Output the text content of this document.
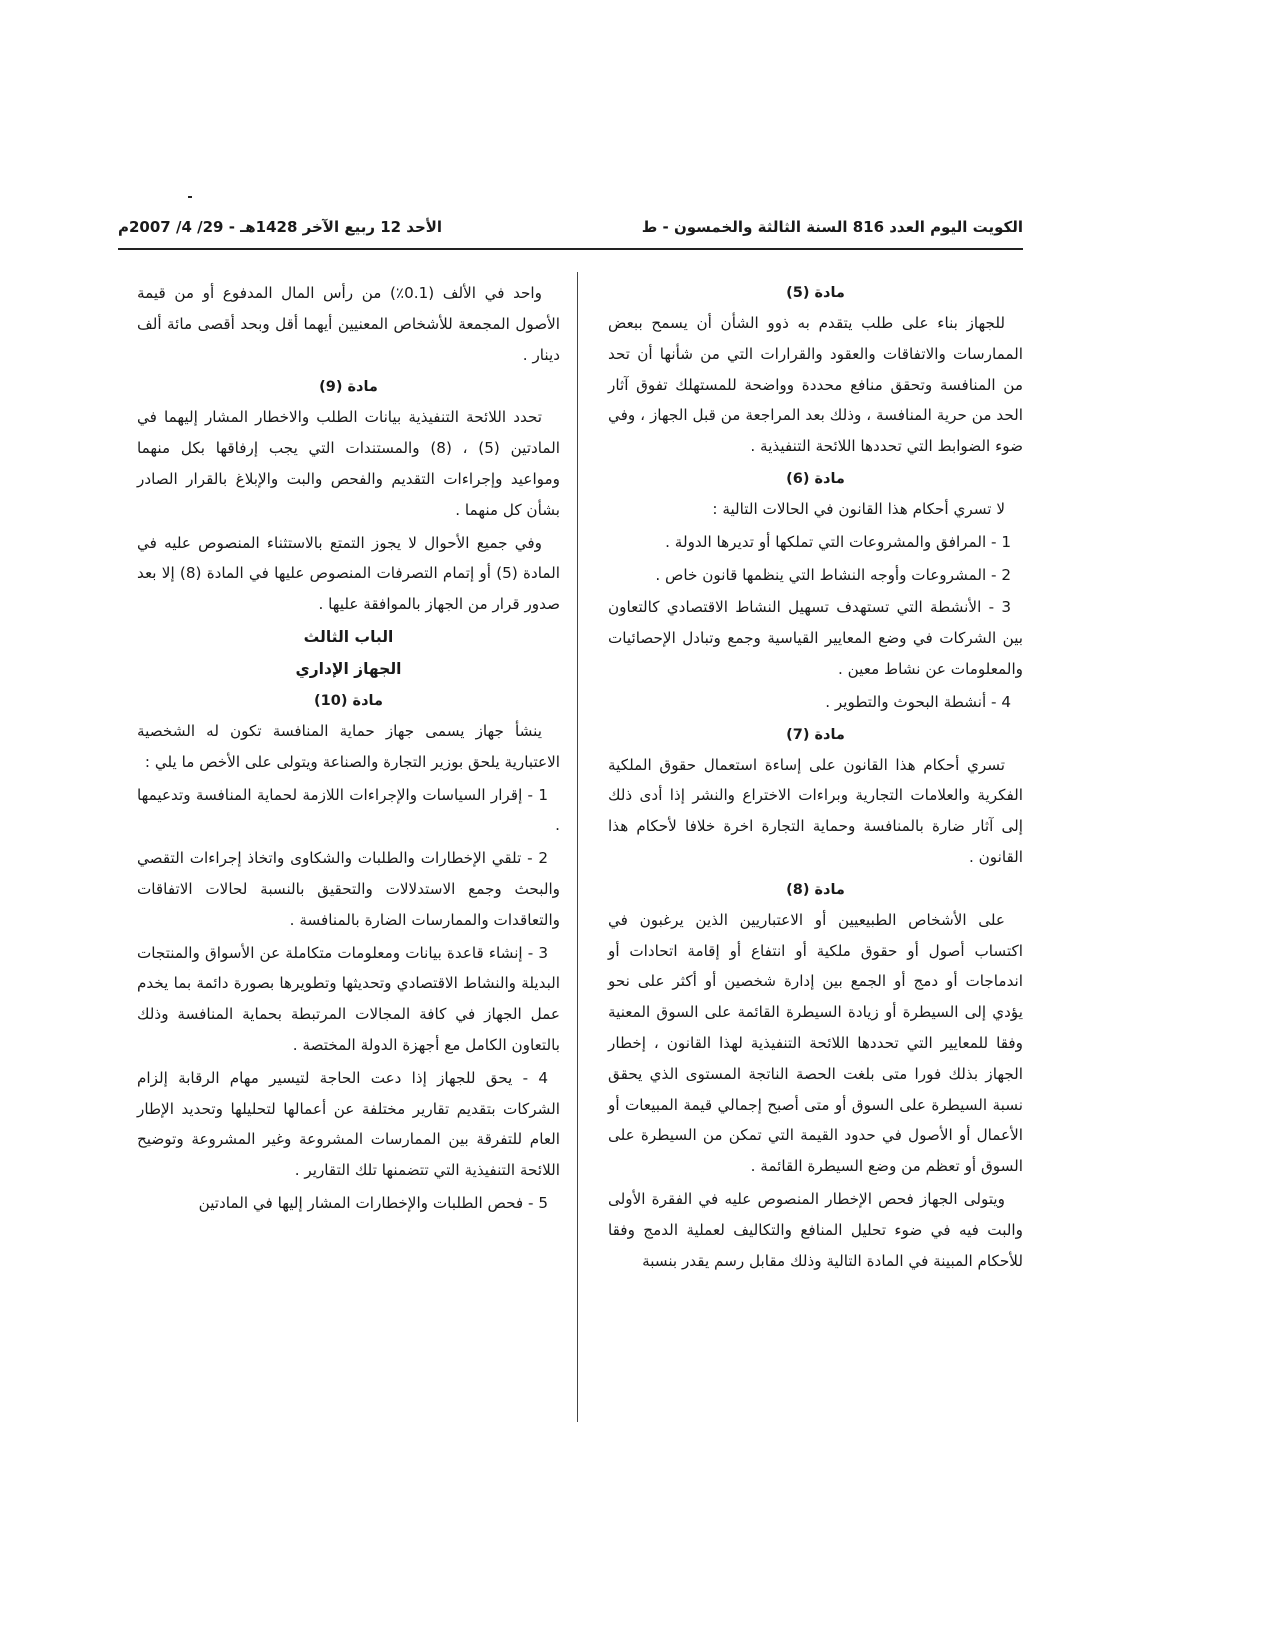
الكويت اليوم العدد 816 السنة الثالثة والخمسون - ط
الأحد 12 ربيع الآخر 1428هـ - 29/ 4/ 2007م
مادة (5)

للجهاز بناء على طلب يتقدم به ذوو الشأن أن يسمح ببعض الممارسات والاتفاقات والعقود والقرارات التي من شأنها أن تحد من المنافسة وتحقق منافع محددة وواضحة للمستهلك تفوق آثار الحد من حرية المنافسة ، وذلك بعد المراجعة من قبل الجهاز ، وفي ضوء الضوابط التي تحددها اللائحة التنفيذية .

مادة (6)

لا تسري أحكام هذا القانون في الحالات التالية :

1 - المرافق والمشروعات التي تملكها أو تديرها الدولة .

2 - المشروعات وأوجه النشاط التي ينظمها قانون خاص .

3 - الأنشطة التي تستهدف تسهيل النشاط الاقتصادي كالتعاون بين الشركات في وضع المعايير القياسية وجمع وتبادل الإحصائيات والمعلومات عن نشاط معين .

4 - أنشطة البحوث والتطوير .

مادة (7)

تسري أحكام هذا القانون على إساءة استعمال حقوق الملكية الفكرية والعلامات التجارية وبراءات الاختراع والنشر إذا أدى ذلك إلى آثار ضارة بالمنافسة وحماية التجارة اخرة خلافا لأحكام هذا القانون .

مادة (8)

على الأشخاص الطبيعيين أو الاعتباريين الذين يرغبون في اكتساب أصول أو حقوق ملكية أو انتفاع أو إقامة اتحادات أو اندماجات أو دمج أو الجمع بين إدارة شخصين أو أكثر على نحو يؤدي إلى السيطرة أو زيادة السيطرة القائمة على السوق المعنية وفقا للمعايير التي تحددها اللائحة التنفيذية لهذا القانون ، إخطار الجهاز بذلك فورا متى بلغت الحصة الناتجة المستوى الذي يحقق نسبة السيطرة على السوق أو متى أصبح إجمالي قيمة المبيعات أو الأعمال أو الأصول في حدود القيمة التي تمكن من السيطرة على السوق أو تعظم من وضع السيطرة القائمة .

ويتولى الجهاز فحص الإخطار المنصوص عليه في الفقرة الأولى والبت فيه في ضوء تحليل المنافع والتكاليف لعملية الدمج وفقا للأحكام المبينة في المادة التالية وذلك مقابل رسم يقدر بنسبة

واحد في الألف (0.1٪) من رأس المال المدفوع أو من قيمة الأصول المجمعة للأشخاص المعنيين أيهما أقل وبحد أقصى مائة ألف دينار .

مادة (9)

تحدد اللائحة التنفيذية بيانات الطلب والاخطار المشار إليهما في المادتين (5) ، (8) والمستندات التي يجب إرفاقها بكل منهما ومواعيد وإجراءات التقديم والفحص والبت والإبلاغ بالقرار الصادر بشأن كل منهما .

وفي جميع الأحوال لا يجوز التمتع بالاستثناء المنصوص عليه في المادة (5) أو إتمام التصرفات المنصوص عليها في المادة (8) إلا بعد صدور قرار من الجهاز بالموافقة عليها .

الباب الثالث
الجهاز الإداري
مادة (10)

ينشأ جهاز يسمى جهاز حماية المنافسة تكون له الشخصية الاعتبارية يلحق بوزير التجارة والصناعة ويتولى على الأخص ما يلي :

1 - إقرار السياسات والإجراءات اللازمة لحماية المنافسة وتدعيمها .

2 - تلقي الإخطارات والطلبات والشكاوى واتخاذ إجراءات التقصي والبحث وجمع الاستدلالات والتحقيق بالنسبة لحالات الاتفاقات والتعاقدات والممارسات الضارة بالمنافسة .

3 - إنشاء قاعدة بيانات ومعلومات متكاملة عن الأسواق والمنتجات البديلة والنشاط الاقتصادي وتحديثها وتطويرها بصورة دائمة بما يخدم عمل الجهاز في كافة المجالات المرتبطة بحماية المنافسة وذلك بالتعاون الكامل مع أجهزة الدولة المختصة .

4 - يحق للجهاز إذا دعت الحاجة لتيسير مهام الرقابة إلزام الشركات بتقديم تقارير مختلفة عن أعمالها لتحليلها وتحديد الإطار العام للتفرقة بين الممارسات المشروعة وغير المشروعة وتوضيح اللائحة التنفيذية التي تتضمنها تلك التقارير .

5 - فحص الطلبات والإخطارات المشار إليها في المادتين
